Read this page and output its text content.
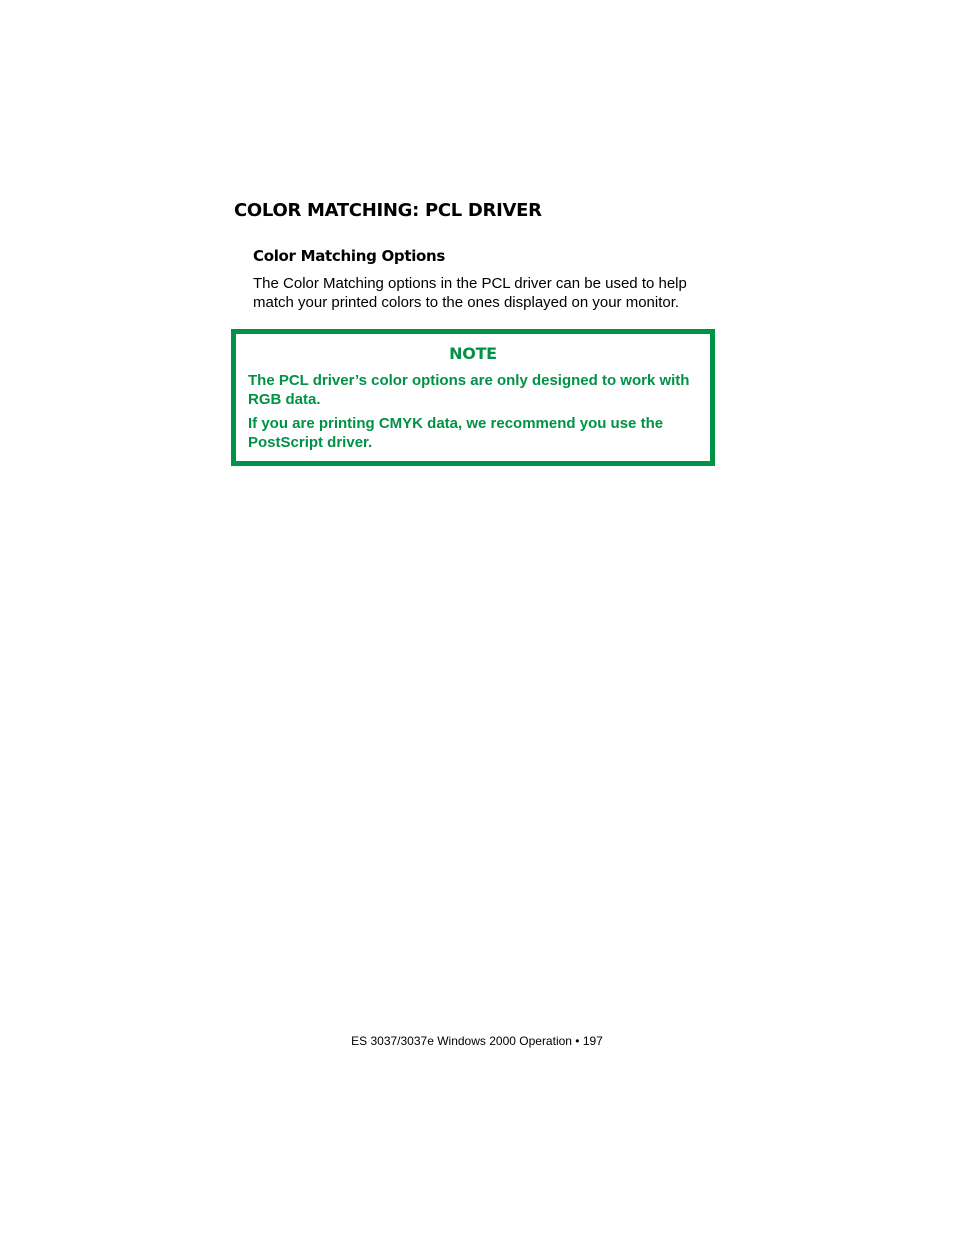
COLOR MATCHING: PCL DRIVER
Color Matching Options

The Color Matching options in the PCL driver can be used to help match your printed colors to the ones displayed on your monitor.

NOTE

The PCL driver’s color options are only designed to work with RGB data.

If you are printing CMYK data, we recommend you use the PostScript driver.

ES 3037/3037e Windows 2000 Operation • 197
